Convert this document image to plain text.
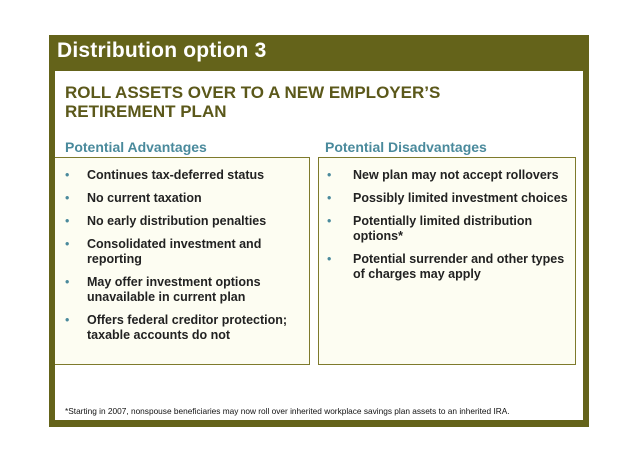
Distribution option 3
ROLL ASSETS OVER TO A NEW EMPLOYER’S
RETIREMENT PLAN
Potential Advantages	Potential Disadvantages
• Continues tax-deferred status
• No current taxation
• No early distribution penalties
• Consolidated investment and reporting
• May offer investment options unavailable in current plan
• Offers federal creditor protection; taxable accounts do not
• New plan may not accept rollovers
• Possibly limited investment choices
• Potentially limited distribution options*
• Potential surrender and other types of charges may apply
*Starting in 2007, nonspouse beneficiaries may now roll over inherited workplace savings plan assets to an inherited IRA.
